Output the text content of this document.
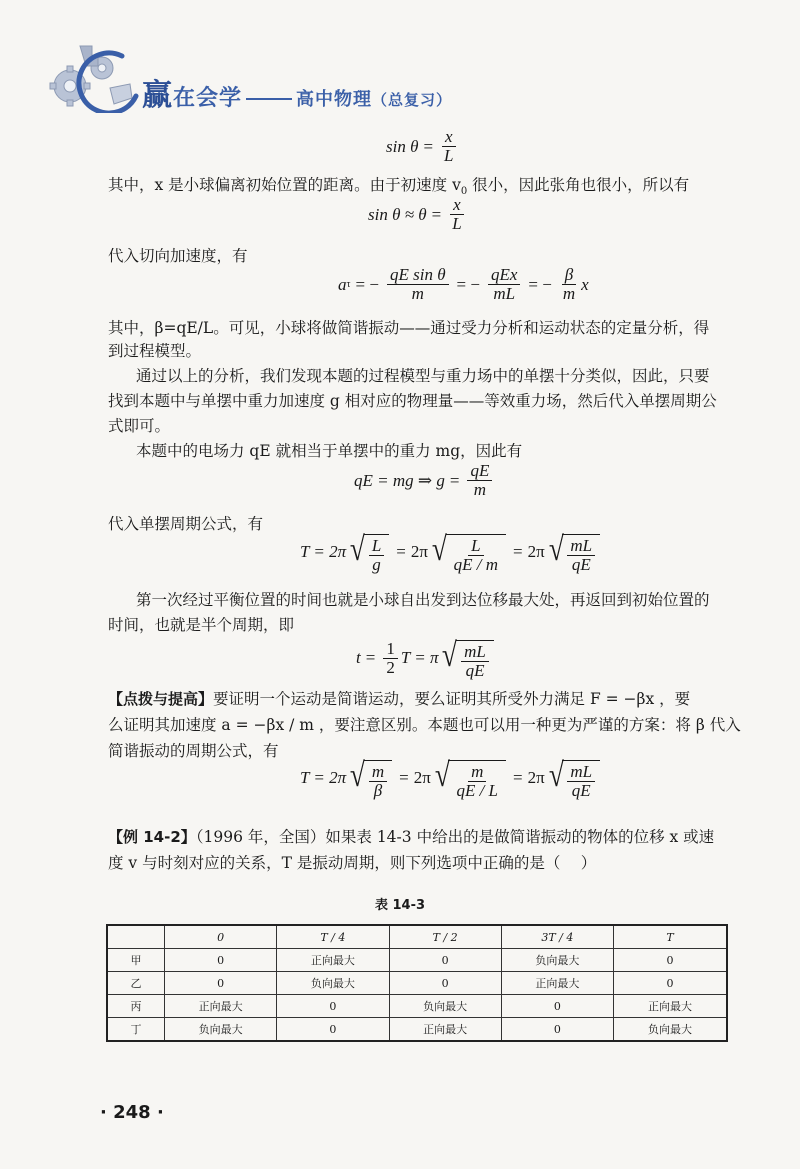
赢在会学	高中物理（总复习）
$\sin \theta = \frac{x}{L}$
其中，x 是小球偏离初始位置的距离。由于初速度 $v_0$ 很小，因此张角也很小，所以有
$\sin \theta \approx \theta = \frac{x}{L}$
代入切向加速度，有
a τ = − $\frac{\text{qE sin θ}}{m}$ = − $\frac{\text{qEx}}{mL}$ = − $\frac{\beta}{m}$ x
其中，β=qE/L。可见，小球将做简谐振动——通过受力分析和运动状态的定量分析，得
到过程模型。
通过以上的分析，我们发现本题的过程模型与重力场中的单摆十分类似，因此，只要
找到本题中与单摆中重力加速度 g 相对应的物理量——等效重力场，然后代入单摆周期公
式即可。
本题中的电场力 qE 就相当于单摆中的重力 mg，因此有
qE = mg ⇒ $g = \frac{qE}{m}$
代入单摆周期公式，有
T = 2π √ $\frac{L}{g} = 2\pi$ √ $\frac{L}{qE / m} = 2\pi$ √ $\frac{mL}{qE}$
第一次经过平衡位置的时间也就是小球自出发到达位移最大处，再返回到初始位置的
时间，也就是半个周期，即
$t = \frac{1}{2}$ T = π √ $\frac{mL}{qE}$
【点拨与提高】要证明一个运动是简谐运动，要么证明其所受外力满足 F = −βx ，要
么证明其加速度 a = −βx / m ，要注意区别。本题也可以用一种更为严谨的方案：将 β 代入
简谐振动的周期公式，有
T = 2π √ $\frac{m}{\beta} = 2\pi$ √ $\frac{m}{qE / L} = 2\pi$ √ $\frac{mL}{qE}$
【例 14-2】（1996 年，全国）如果表 14-3 中给出的是做简谐振动的物体的位移 x 或速
度 v 与时刻对应的关系，T 是振动周期，则下列选项中正确的是（　 ）
表 14-3
	0	T / 4	T / 2	3T / 4	T
甲	0	正向最大	0	负向最大	0
乙	0	负向最大	0	正向最大	0
丙	正向最大	0	负向最大	0	正向最大
丁	负向最大	0	正向最大	0	负向最大
· 248 ·
